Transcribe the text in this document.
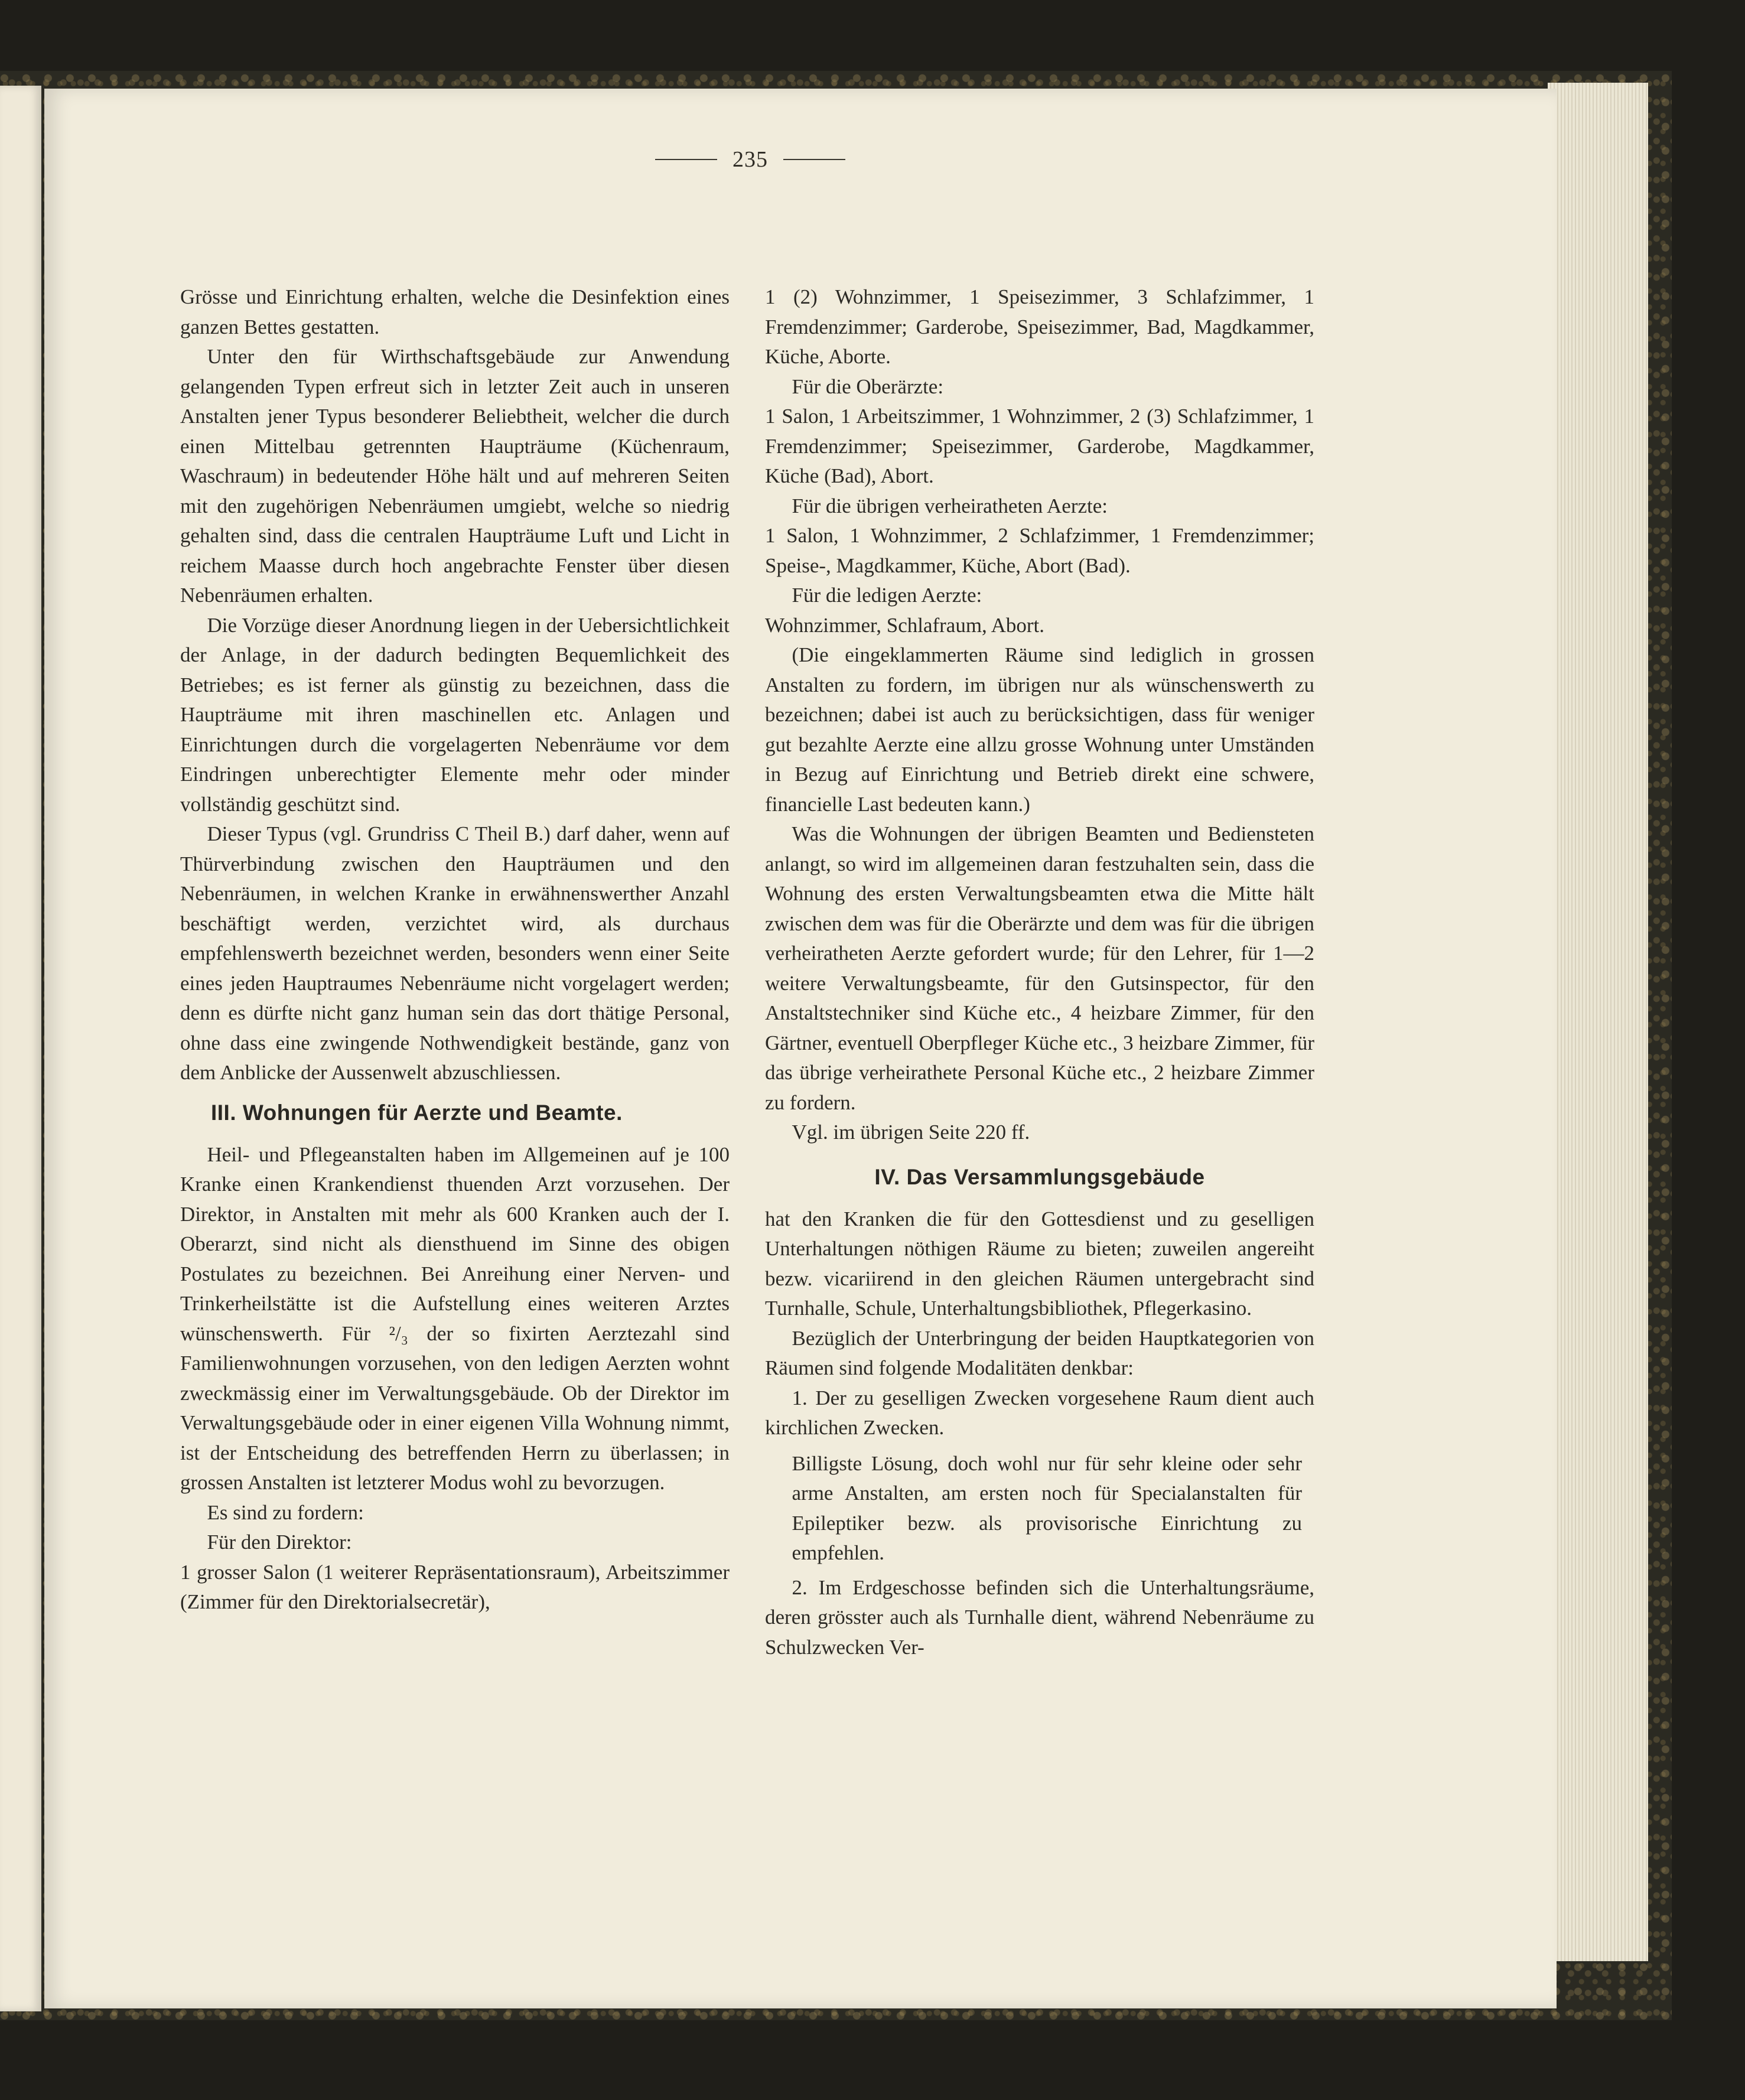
235

Grösse und Einrichtung erhalten, welche die Desinfektion eines ganzen Bettes gestatten.

Unter den für Wirthschaftsgebäude zur Anwendung gelangenden Typen erfreut sich in letzter Zeit auch in unseren Anstalten jener Typus besonderer Beliebtheit, welcher die durch einen Mittelbau getrennten Haupträume (Küchenraum, Waschraum) in bedeutender Höhe hält und auf mehreren Seiten mit den zugehörigen Nebenräumen umgiebt, welche so niedrig gehalten sind, dass die centralen Haupträume Luft und Licht in reichem Maasse durch hoch angebrachte Fenster über diesen Nebenräumen erhalten.

Die Vorzüge dieser Anordnung liegen in der Uebersichtlichkeit der Anlage, in der dadurch bedingten Bequemlichkeit des Betriebes; es ist ferner als günstig zu bezeichnen, dass die Haupträume mit ihren maschinellen etc. Anlagen und Einrichtungen durch die vorgelagerten Nebenräume vor dem Eindringen unberechtigter Elemente mehr oder minder vollständig geschützt sind.

Dieser Typus (vgl. Grundriss C Theil B.) darf daher, wenn auf Thürverbindung zwischen den Haupträumen und den Nebenräumen, in welchen Kranke in erwähnenswerther Anzahl beschäftigt werden, verzichtet wird, als durchaus empfehlenswerth bezeichnet werden, besonders wenn einer Seite eines jeden Hauptraumes Nebenräume nicht vorgelagert werden; denn es dürfte nicht ganz human sein das dort thätige Personal, ohne dass eine zwingende Nothwendigkeit bestände, ganz von dem Anblicke der Aussenwelt abzuschliessen.

III. Wohnungen für Aerzte und Beamte.

Heil- und Pflegeanstalten haben im Allgemeinen auf je 100 Kranke einen Krankendienst thuenden Arzt vorzusehen. Der Direktor, in Anstalten mit mehr als 600 Kranken auch der I. Oberarzt, sind nicht als diensthuend im Sinne des obigen Postulates zu bezeichnen. Bei Anreihung einer Nerven- und Trinkerheilstätte ist die Aufstellung eines weiteren Arztes wünschenswerth. Für ²/₃ der so fixirten Aerztezahl sind Familienwohnungen vorzusehen, von den ledigen Aerzten wohnt zweckmässig einer im Verwaltungsgebäude. Ob der Direktor im Verwaltungsgebäude oder in einer eigenen Villa Wohnung nimmt, ist der Entscheidung des betreffenden Herrn zu überlassen; in grossen Anstalten ist letzterer Modus wohl zu bevorzugen.

Es sind zu fordern:

Für den Direktor:

1 grosser Salon (1 weiterer Repräsentationsraum), Arbeitszimmer (Zimmer für den Direktorialsecretär),

1 (2) Wohnzimmer, 1 Speisezimmer, 3 Schlafzimmer, 1 Fremdenzimmer; Garderobe, Speisezimmer, Bad, Magdkammer, Küche, Aborte.

Für die Oberärzte:

1 Salon, 1 Arbeitszimmer, 1 Wohnzimmer, 2 (3) Schlafzimmer, 1 Fremdenzimmer; Speisezimmer, Garderobe, Magdkammer, Küche (Bad), Abort.

Für die übrigen verheiratheten Aerzte:

1 Salon, 1 Wohnzimmer, 2 Schlafzimmer, 1 Fremdenzimmer; Speise-, Magdkammer, Küche, Abort (Bad).

Für die ledigen Aerzte:

Wohnzimmer, Schlafraum, Abort.

(Die eingeklammerten Räume sind lediglich in grossen Anstalten zu fordern, im übrigen nur als wünschenswerth zu bezeichnen; dabei ist auch zu berücksichtigen, dass für weniger gut bezahlte Aerzte eine allzu grosse Wohnung unter Umständen in Bezug auf Einrichtung und Betrieb direkt eine schwere, financielle Last bedeuten kann.)

Was die Wohnungen der übrigen Beamten und Bediensteten anlangt, so wird im allgemeinen daran festzuhalten sein, dass die Wohnung des ersten Verwaltungsbeamten etwa die Mitte hält zwischen dem was für die Oberärzte und dem was für die übrigen verheiratheten Aerzte gefordert wurde; für den Lehrer, für 1—2 weitere Verwaltungsbeamte, für den Gutsinspector, für den Anstaltstechniker sind Küche etc., 4 heizbare Zimmer, für den Gärtner, eventuell Oberpfleger Küche etc., 3 heizbare Zimmer, für das übrige verheirathete Personal Küche etc., 2 heizbare Zimmer zu fordern.

Vgl. im übrigen Seite 220 ff.

IV. Das Versammlungsgebäude

hat den Kranken die für den Gottesdienst und zu geselligen Unterhaltungen nöthigen Räume zu bieten; zuweilen angereiht bezw. vicariirend in den gleichen Räumen untergebracht sind Turnhalle, Schule, Unterhaltungsbibliothek, Pflegerkasino.

Bezüglich der Unterbringung der beiden Hauptkategorien von Räumen sind folgende Modalitäten denkbar:

1. Der zu geselligen Zwecken vorgesehene Raum dient auch kirchlichen Zwecken.

Billigste Lösung, doch wohl nur für sehr kleine oder sehr arme Anstalten, am ersten noch für Specialanstalten für Epileptiker bezw. als provisorische Einrichtung zu empfehlen.

2. Im Erdgeschosse befinden sich die Unterhaltungsräume, deren grösster auch als Turnhalle dient, während Nebenräume zu Schulzwecken Ver-
